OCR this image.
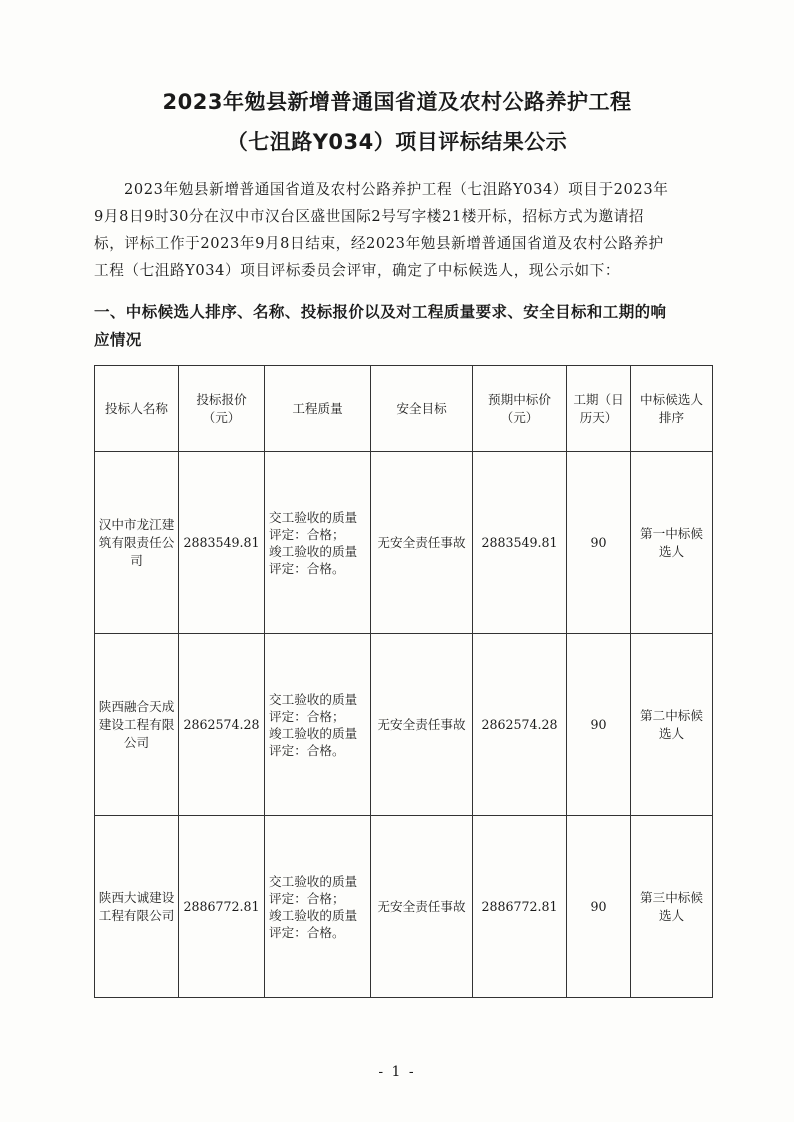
2023年勉县新增普通国省道及农村公路养护工程
（七沮路Y034）项目评标结果公示
2023年勉县新增普通国省道及农村公路养护工程（七沮路Y034）项目于2023年
9月8日9时30分在汉中市汉台区盛世国际2号写字楼21楼开标，招标方式为邀请招
标，评标工作于2023年9月8日结束，经2023年勉县新增普通国省道及农村公路养护
工程（七沮路Y034）项目评标委员会评审，确定了中标候选人，现公示如下：
一、中标候选人排序、名称、投标报价以及对工程质量要求、安全目标和工期的响
应情况
投标人名称	投标报价（元）	工程质量	安全目标	预期中标价（元）	工期（日历天）	中标候选人排序
汉中市龙江建筑有限责任公司	2883549.81	交工验收的质量评定：合格；
竣工验收的质量评定：合格。	无安全责任事故	2883549.81	90	第一中标候选人
陕西融合天成建设工程有限公司	2862574.28	交工验收的质量评定：合格；
竣工验收的质量评定：合格。	无安全责任事故	2862574.28	90	第二中标候选人
陕西大诚建设工程有限公司	2886772.81	交工验收的质量评定：合格；
竣工验收的质量评定：合格。	无安全责任事故	2886772.81	90	第三中标候选人
- 1 -
